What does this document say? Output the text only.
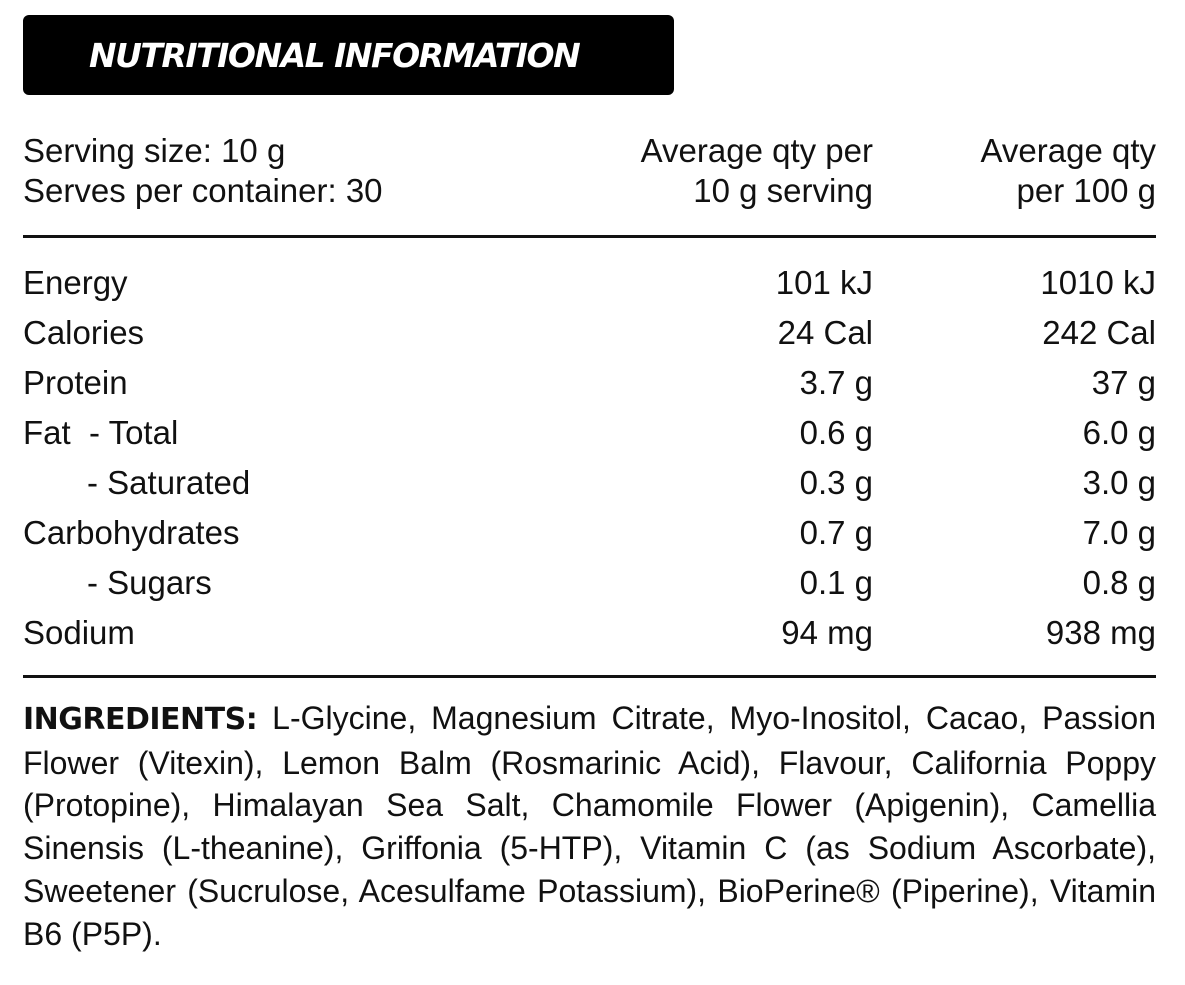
NUTRITIONAL INFORMATION
Serving size: 10 g
Serves per container: 30
Average qty per
10 g serving
Average qty
per 100 g
Energy	101 kJ	1010 kJ
Calories	24 Cal	242 Cal
Protein	3.7 g	37 g
Fat  - Total	0.6 g	6.0 g
- Saturated	0.3 g	3.0 g
Carbohydrates	0.7 g	7.0 g
- Sugars	0.1 g	0.8 g
Sodium	94 mg	938 mg
INGREDIENTS: L-Glycine, Magnesium Citrate, Myo-Inositol, Cacao, Passion Flower (Vitexin), Lemon Balm (Rosmarinic Acid), Flavour, California Poppy (Protopine), Himalayan Sea Salt, Chamomile Flower (Apigenin), Camellia Sinensis (L-theanine), Griffonia (5-HTP), Vitamin C (as Sodium Ascorbate), Sweetener (Sucrulose, Acesulfame Potassium), BioPerine® (Piperine), Vitamin B6 (P5P).
